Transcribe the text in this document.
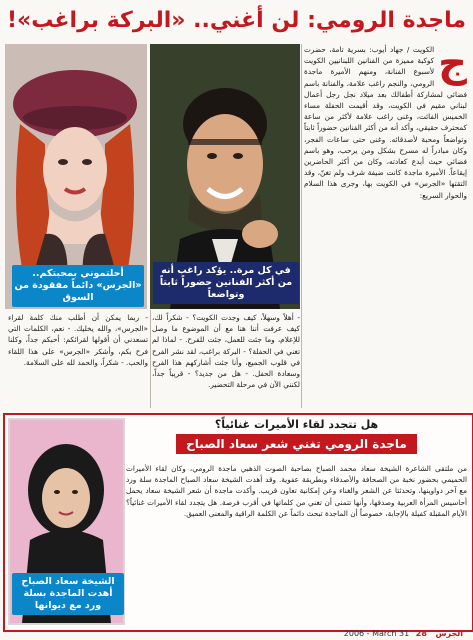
ماجدة الرومي: لن أغني.. «البركة براغب»!
أحلتموني بمحبتكم.. «الجرس» دائماً مفقودة من السوق
في كل مرة.. يؤكد راغب أنه من أكثر الفنانين حضوراً ثابتاً وتواضعاً
ج
الكويت / جهاد أيوب: بسرية تامة، حضرت كوكبة مميزة من الفنانين اللبنانيين الكويت لأسبوع الفنانة، ومنهم الأميرة ماجدة الرومي، والنجم راغب علامة، والفنانة باسم فضائي لمشاركة أطفالك بعد ميلاد نجل رجل أعمال لبناني مقيم في الكويت، وقد أقيمت الحفلة مساء الخميس الفائت، وغنى راغب علامة لأكثر من ساعة كمحترف حقيقي، وأكد أنه من أكثر الفنانين حضوراً ثابتاً وتواضعاً ومحبة لأصدقائه. وغنى حتى ساعات الفجر، وكان مبادراً له مسرح بشكل ومن يرحب، وهو باسم فضائي حيث أبدع كعادته، وكان من أكثر الحاضرين إيقاعاً. الأميرة ماجدة كانت ضيفة شرف ولم تغنّ، وقد التقتها «الجرس» في الكويت بها، وجرى هذا السلام والحوار السريع:
- أهلاً وسهلاً، كيف وجدت الكويت؟ - شكراً لك، كيف عرفت أننا هنا مع أن الموضوع ما وصل للإعلام، وما جئت للعمل، جئت للفرح. - لماذا لم تغني في الحفلة؟ - البركة براغب، لقد نشر الفرح في قلوب الجميع، وأنا جئت أشاركهم هذا الفرح وسعادة الحفل. - هل من جديد؟ - قريباً جداً، لكنني الآن في مرحلة التحضير.
- ربما يمكن أن أطلب منك كلمة لقراء «الجرس»، والله يخليك. - نعم، الكلمات التي تسعدني أن أقولها لقرائكم: أحبكم جداً، وكلنا فرح بكم، وأشكر «الجرس» على هذا اللقاء والحب. - شكراً، والحمد لله على السلامة.
الشيخة سعاد الصباح أهدت الماجدة بسلة ورد مع ديوانها
هل تتجدد لقاء الأميرات غنائياً؟
ماجدة الرومي تغني شعر سعاد الصباح
من ملتقى الشاعرة الشيخة سعاد محمد الصباح بصاحبة الصوت الذهبي ماجدة الرومي، وكان لقاء الأميرات الحميمي بحضور نخبة من الصحافة والأصدقاء وبطريقة عفوية. وقد أهدت الشيخة سعاد الصباح الماجدة سلة ورد مع آخر دواوينها، وتحدثتا عن الشعر والغناء وعن إمكانية تعاون قريب. وأكدت ماجدة أن شعر الشيخة سعاد يحمل أحاسيس المرأة العربية وصدقها، وأنها تتمنى أن تغني من كلماتها في أقرب فرصة. هل يتجدد لقاء الأميرات غنائياً؟ الأيام المقبلة كفيلة بالإجابة، خصوصاً أن الماجدة تبحث دائماً عن الكلمة الراقية والمعنى العميق.
2006 - March 31	الجرس 28
